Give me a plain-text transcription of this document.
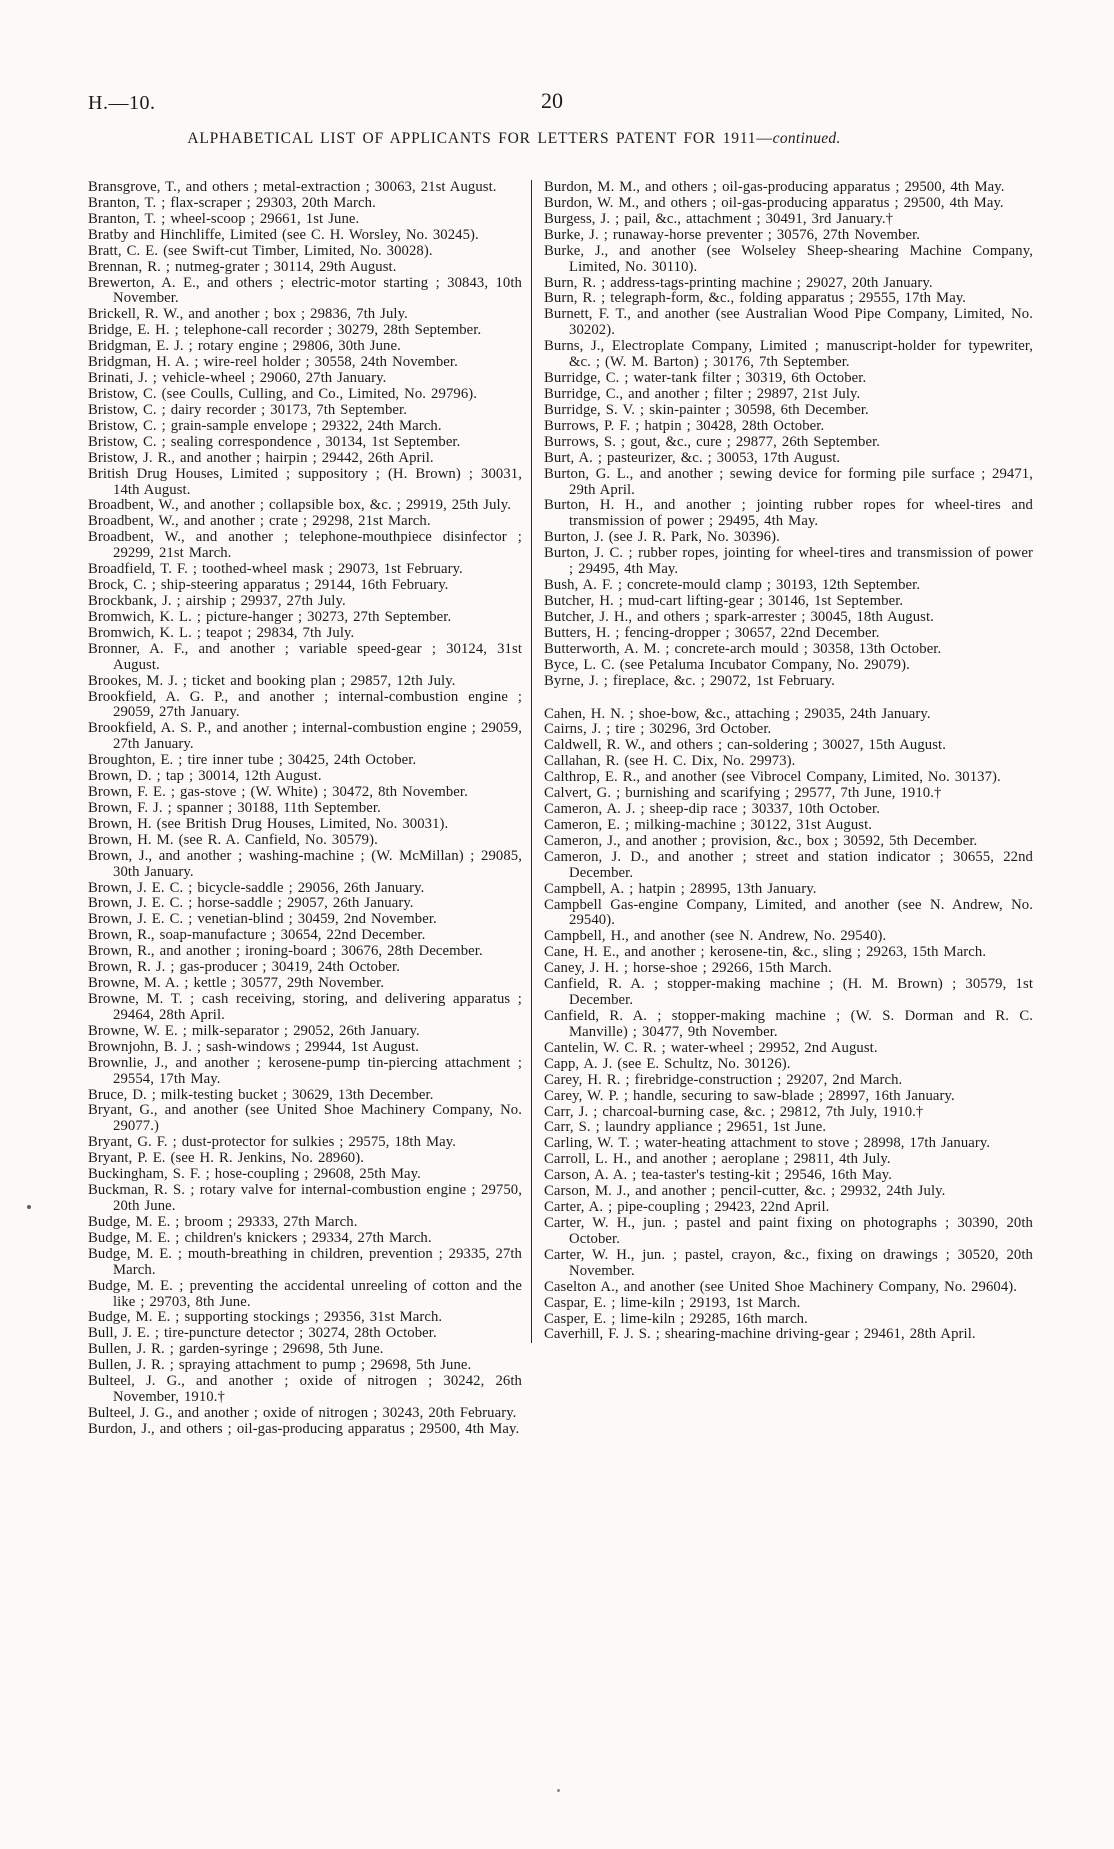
H.—10.	20
ALPHABETICAL LIST OF APPLICANTS FOR LETTERS PATENT FOR 1911—continued.
Bransgrove, T., and others ; metal-extraction ; 30063, 21st August.
Branton, T. ; flax-scraper ; 29303, 20th March.
Branton, T. ; wheel-scoop ; 29661, 1st June.
Bratby and Hinchliffe, Limited (see C. H. Worsley, No. 30245).
Bratt, C. E. (see Swift-cut Timber, Limited, No. 30028).
Brennan, R. ; nutmeg-grater ; 30114, 29th August.
Brewerton, A. E., and others ; electric-motor starting ; 30843, 10th November.
Brickell, R. W., and another ; box ; 29836, 7th July.
Bridge, E. H. ; telephone-call recorder ; 30279, 28th September.
Bridgman, E. J. ; rotary engine ; 29806, 30th June.
Bridgman, H. A. ; wire-reel holder ; 30558, 24th November.
Brinati, J. ; vehicle-wheel ; 29060, 27th January.
Bristow, C. (see Coulls, Culling, and Co., Limited, No. 29796).
Bristow, C. ; dairy recorder ; 30173, 7th September.
Bristow, C. ; grain-sample envelope ; 29322, 24th March.
Bristow, C. ; sealing correspondence , 30134, 1st September.
Bristow, J. R., and another ; hairpin ; 29442, 26th April.
British Drug Houses, Limited ; suppository ; (H. Brown) ; 30031, 14th August.
Broadbent, W., and another ; collapsible box, &c. ; 29919, 25th July.
Broadbent, W., and another ; crate ; 29298, 21st March.
Broadbent, W., and another ; telephone-mouthpiece disinfector ; 29299, 21st March.
Broadfield, T. F. ; toothed-wheel mask ; 29073, 1st February.
Brock, C. ; ship-steering apparatus ; 29144, 16th February.
Brockbank, J. ; airship ; 29937, 27th July.
Bromwich, K. L. ; picture-hanger ; 30273, 27th September.
Bromwich, K. L. ; teapot ; 29834, 7th July.
Bronner, A. F., and another ; variable speed-gear ; 30124, 31st August.
Brookes, M. J. ; ticket and booking plan ; 29857, 12th July.
Brookfield, A. G. P., and another ; internal-combustion engine ; 29059, 27th January.
Brookfield, A. S. P., and another ; internal-combustion engine ; 29059, 27th January.
Broughton, E. ; tire inner tube ; 30425, 24th October.
Brown, D. ; tap ; 30014, 12th August.
Brown, F. E. ; gas-stove ; (W. White) ; 30472, 8th November.
Brown, F. J. ; spanner ; 30188, 11th September.
Brown, H. (see British Drug Houses, Limited, No. 30031).
Brown, H. M. (see R. A. Canfield, No. 30579).
Brown, J., and another ; washing-machine ; (W. McMillan) ; 29085, 30th January.
Brown, J. E. C. ; bicycle-saddle ; 29056, 26th January.
Brown, J. E. C. ; horse-saddle ; 29057, 26th January.
Brown, J. E. C. ; venetian-blind ; 30459, 2nd November.
Brown, R., soap-manufacture ; 30654, 22nd December.
Brown, R., and another ; ironing-board ; 30676, 28th December.
Brown, R. J. ; gas-producer ; 30419, 24th October.
Browne, M. A. ; kettle ; 30577, 29th November.
Browne, M. T. ; cash receiving, storing, and delivering apparatus ; 29464, 28th April.
Browne, W. E. ; milk-separator ; 29052, 26th January.
Brownjohn, B. J. ; sash-windows ; 29944, 1st August.
Brownlie, J., and another ; kerosene-pump tin-piercing attachment ; 29554, 17th May.
Bruce, D. ; milk-testing bucket ; 30629, 13th December.
Bryant, G., and another (see United Shoe Machinery Company, No. 29077.)
Bryant, G. F. ; dust-protector for sulkies ; 29575, 18th May.
Bryant, P. E. (see H. R. Jenkins, No. 28960).
Buckingham, S. F. ; hose-coupling ; 29608, 25th May.
Buckman, R. S. ; rotary valve for internal-combustion engine ; 29750, 20th June.
Budge, M. E. ; broom ; 29333, 27th March.
Budge, M. E. ; children's knickers ; 29334, 27th March.
Budge, M. E. ; mouth-breathing in children, prevention ; 29335, 27th March.
Budge, M. E. ; preventing the accidental unreeling of cotton and the like ; 29703, 8th June.
Budge, M. E. ; supporting stockings ; 29356, 31st March.
Bull, J. E. ; tire-puncture detector ; 30274, 28th October.
Bullen, J. R. ; garden-syringe ; 29698, 5th June.
Bullen, J. R. ; spraying attachment to pump ; 29698, 5th June.
Bulteel, J. G., and another ; oxide of nitrogen ; 30242, 26th November, 1910.†
Bulteel, J. G., and another ; oxide of nitrogen ; 30243, 20th February.
Burdon, J., and others ; oil-gas-producing apparatus ; 29500, 4th May.
Burdon, M. M., and others ; oil-gas-producing apparatus ; 29500, 4th May.
Burdon, W. M., and others ; oil-gas-producing apparatus ; 29500, 4th May.
Burgess, J. ; pail, &c., attachment ; 30491, 3rd January.†
Burke, J. ; runaway-horse preventer ; 30576, 27th November.
Burke, J., and another (see Wolseley Sheep-shearing Machine Company, Limited, No. 30110).
Burn, R. ; address-tags-printing machine ; 29027, 20th January.
Burn, R. ; telegraph-form, &c., folding apparatus ; 29555, 17th May.
Burnett, F. T., and another (see Australian Wood Pipe Company, Limited, No. 30202).
Burns, J., Electroplate Company, Limited ; manuscript-holder for typewriter, &c. ; (W. M. Barton) ; 30176, 7th September.
Burridge, C. ; water-tank filter ; 30319, 6th October.
Burridge, C., and another ; filter ; 29897, 21st July.
Burridge, S. V. ; skin-painter ; 30598, 6th December.
Burrows, P. F. ; hatpin ; 30428, 28th October.
Burrows, S. ; gout, &c., cure ; 29877, 26th September.
Burt, A. ; pasteurizer, &c. ; 30053, 17th August.
Burton, G. L., and another ; sewing device for forming pile surface ; 29471, 29th April.
Burton, H. H., and another ; jointing rubber ropes for wheel-tires and transmission of power ; 29495, 4th May.
Burton, J. (see J. R. Park, No. 30396).
Burton, J. C. ; rubber ropes, jointing for wheel-tires and transmission of power ; 29495, 4th May.
Bush, A. F. ; concrete-mould clamp ; 30193, 12th September.
Butcher, H. ; mud-cart lifting-gear ; 30146, 1st September.
Butcher, J. H., and others ; spark-arrester ; 30045, 18th August.
Butters, H. ; fencing-dropper ; 30657, 22nd December.
Butterworth, A. M. ; concrete-arch mould ; 30358, 13th October.
Byce, L. C. (see Petaluma Incubator Company, No. 29079).
Byrne, J. ; fireplace, &c. ; 29072, 1st February.
Cahen, H. N. ; shoe-bow, &c., attaching ; 29035, 24th January.
Cairns, J. ; tire ; 30296, 3rd October.
Caldwell, R. W., and others ; can-soldering ; 30027, 15th August.
Callahan, R. (see H. C. Dix, No. 29973).
Calthrop, E. R., and another (see Vibrocel Company, Limited, No. 30137).
Calvert, G. ; burnishing and scarifying ; 29577, 7th June, 1910.†
Cameron, A. J. ; sheep-dip race ; 30337, 10th October.
Cameron, E. ; milking-machine ; 30122, 31st August.
Cameron, J., and another ; provision, &c., box ; 30592, 5th December.
Cameron, J. D., and another ; street and station indicator ; 30655, 22nd December.
Campbell, A. ; hatpin ; 28995, 13th January.
Campbell Gas-engine Company, Limited, and another (see N. Andrew, No. 29540).
Campbell, H., and another (see N. Andrew, No. 29540).
Cane, H. E., and another ; kerosene-tin, &c., sling ; 29263, 15th March.
Caney, J. H. ; horse-shoe ; 29266, 15th March.
Canfield, R. A. ; stopper-making machine ; (H. M. Brown) ; 30579, 1st December.
Canfield, R. A. ; stopper-making machine ; (W. S. Dorman and R. C. Manville) ; 30477, 9th November.
Cantelin, W. C. R. ; water-wheel ; 29952, 2nd August.
Capp, A. J. (see E. Schultz, No. 30126).
Carey, H. R. ; firebridge-construction ; 29207, 2nd March.
Carey, W. P. ; handle, securing to saw-blade ; 28997, 16th January.
Carr, J. ; charcoal-burning case, &c. ; 29812, 7th July, 1910.†
Carr, S. ; laundry appliance ; 29651, 1st June.
Carling, W. T. ; water-heating attachment to stove ; 28998, 17th January.
Carroll, L. H., and another ; aeroplane ; 29811, 4th July.
Carson, A. A. ; tea-taster's testing-kit ; 29546, 16th May.
Carson, M. J., and another ; pencil-cutter, &c. ; 29932, 24th July.
Carter, A. ; pipe-coupling ; 29423, 22nd April.
Carter, W. H., jun. ; pastel and paint fixing on photographs ; 30390, 20th October.
Carter, W. H., jun. ; pastel, crayon, &c., fixing on drawings ; 30520, 20th November.
Caselton A., and another (see United Shoe Machinery Company, No. 29604).
Caspar, E. ; lime-kiln ; 29193, 1st March.
Casper, E. ; lime-kiln ; 29285, 16th march.
Caverhill, F. J. S. ; shearing-machine driving-gear ; 29461, 28th April.
